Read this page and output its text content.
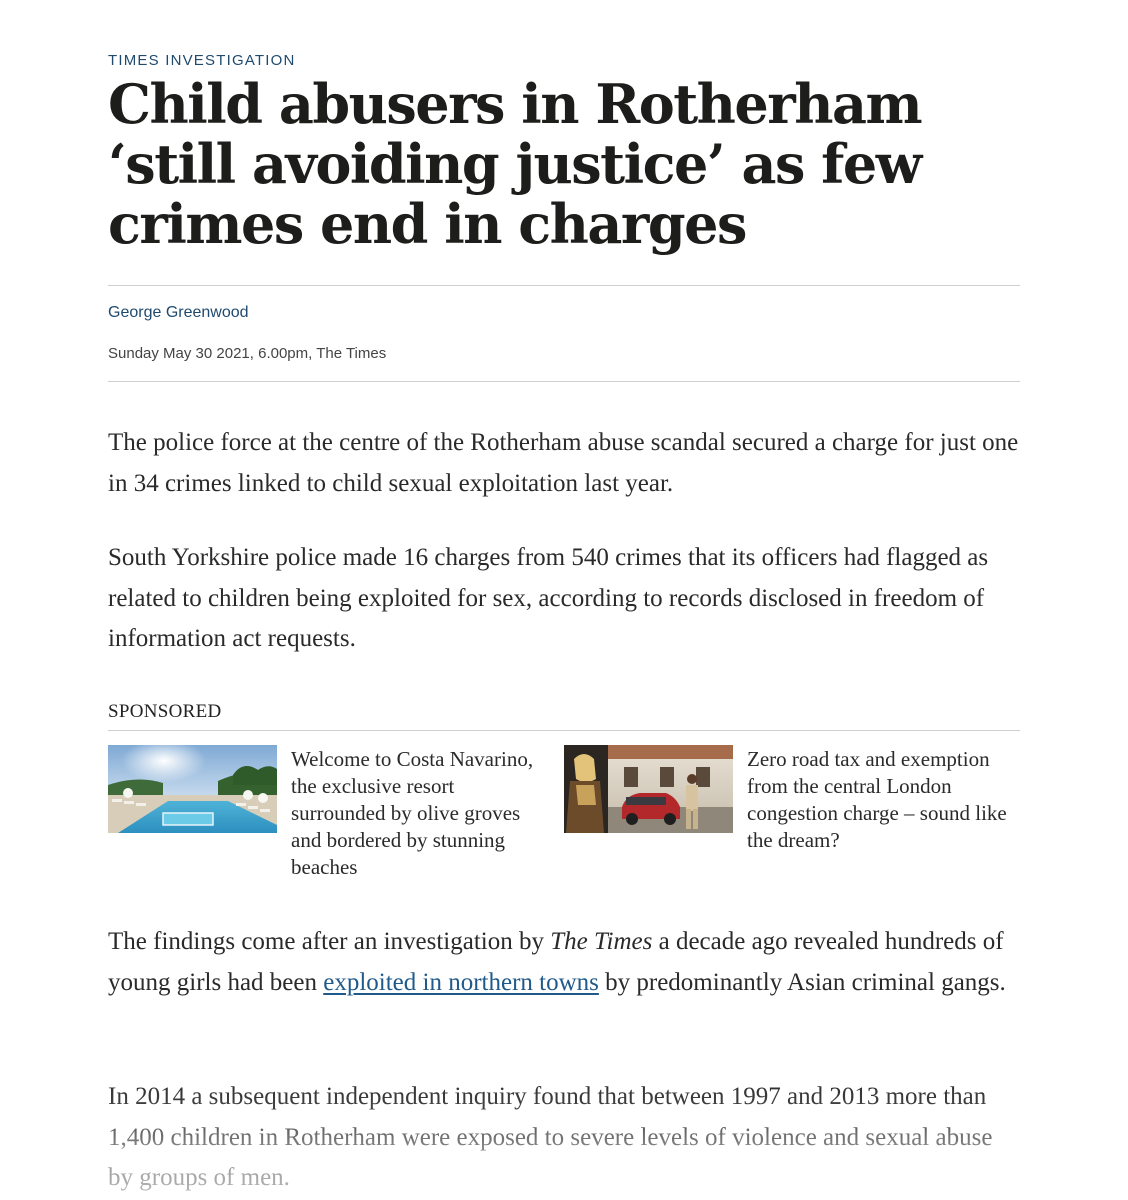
TIMES INVESTIGATION
Child abusers in Rotherham ‘still avoiding justice’ as few crimes end in charges
George Greenwood
Sunday May 30 2021, 6.00pm, The Times

The police force at the centre of the Rotherham abuse scandal secured a charge for just one in 34 crimes linked to child sexual exploitation last year.

South Yorkshire police made 16 charges from 540 crimes that its officers had flagged as related to children being exploited for sex, according to records disclosed in freedom of information act requests.

SPONSORED

Welcome to Costa Navarino, the exclusive resort surrounded by olive groves and bordered by stunning beaches

Zero road tax and exemption from the central London congestion charge – sound like the dream?

The findings come after an investigation by The Times a decade ago revealed hundreds of young girls had been exploited in northern towns by predominantly Asian criminal gangs.

In 2014 a subsequent independent inquiry found that between 1997 and 2013 more than 1,400 children in Rotherham were exposed to severe levels of violence and sexual abuse by groups of men.
